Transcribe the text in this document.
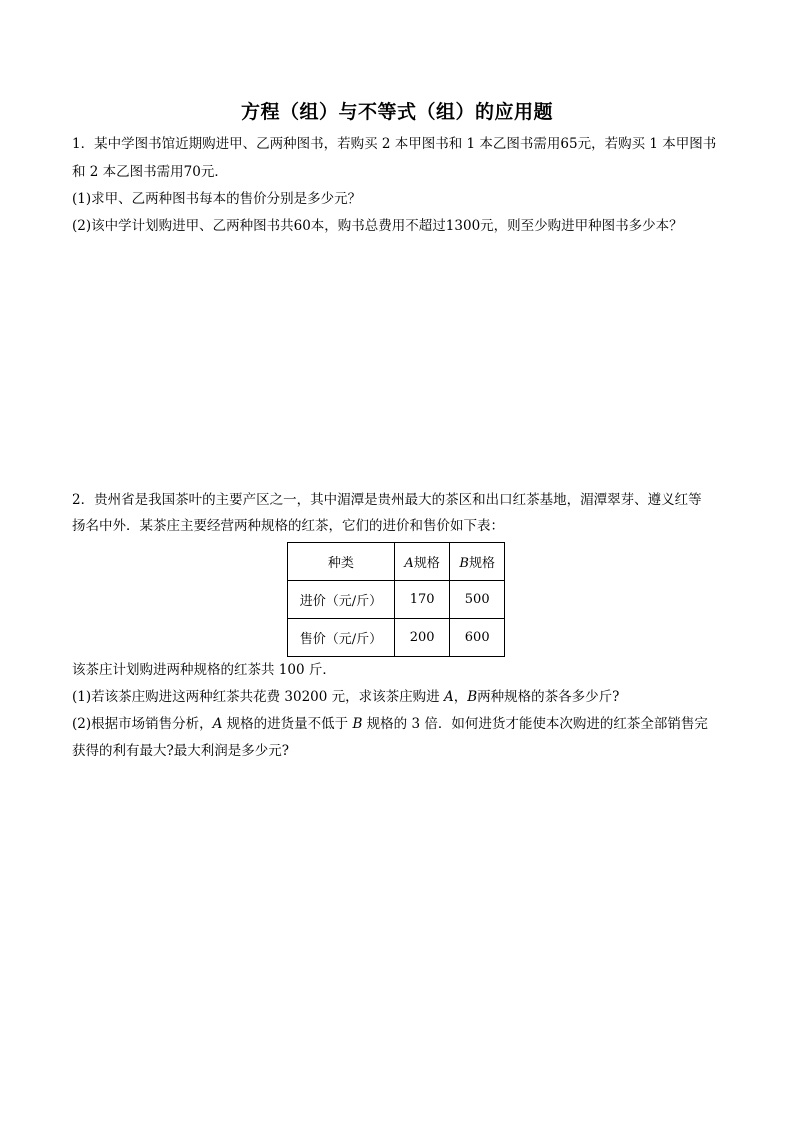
方程（组）与不等式（组）的应用题
1．某中学图书馆近期购进甲、乙两种图书，若购买 2 本甲图书和 1 本乙图书需用65元，若购买 1 本甲图书
和 2 本乙图书需用70元．
(1)求甲、乙两种图书每本的售价分别是多少元？
(2)该中学计划购进甲、乙两种图书共60本，购书总费用不超过1300元，则至少购进甲种图书多少本？
2．贵州省是我国茶叶的主要产区之一，其中湄潭是贵州最大的茶区和出口红茶基地，湄潭翠芽、遵义红等
扬名中外．某茶庄主要经营两种规格的红茶，它们的进价和售价如下表：
种类	A规格	B规格
进价（元/斤）	170	500
售价（元/斤）	200	600
该茶庄计划购进两种规格的红茶共 100 斤．
(1)若该茶庄购进这两种红茶共花费 30200 元，求该茶庄购进 A，B两种规格的茶各多少斤?
(2)根据市场销售分析，A 规格的进货量不低于 B 规格的 3 倍．如何进货才能使本次购进的红茶全部销售完
获得的利有最大?最大利润是多少元?
